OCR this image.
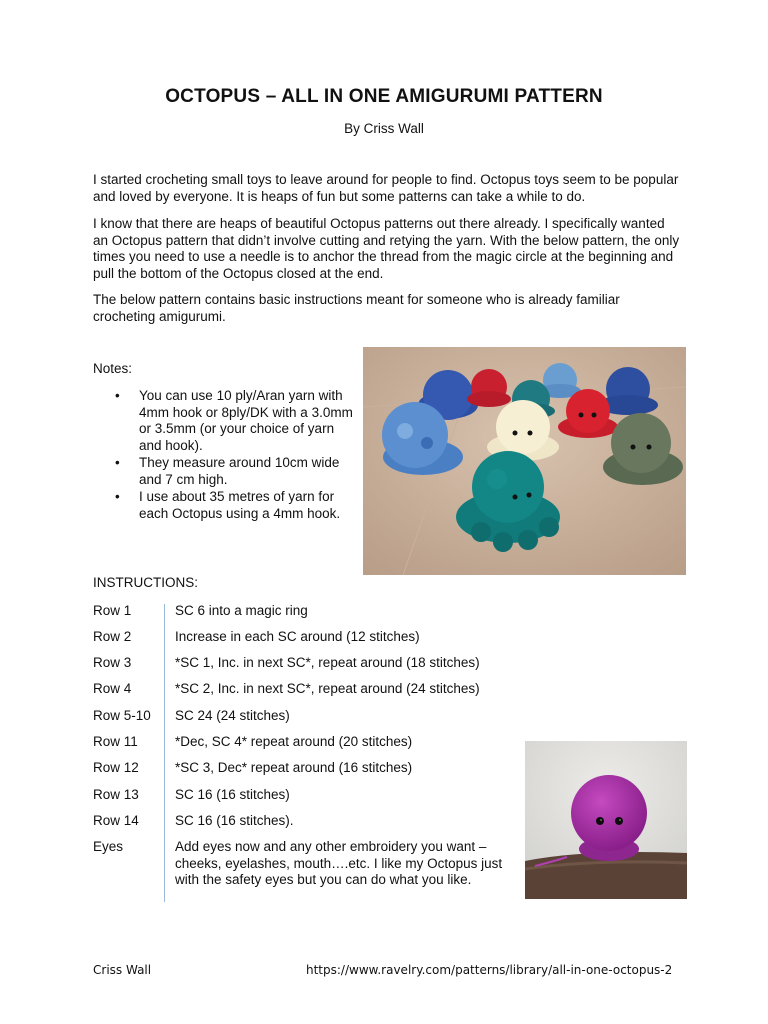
OCTOPUS – ALL IN ONE AMIGURUMI PATTERN
By Criss Wall

I started crocheting small toys to leave around for people to find. Octopus toys seem to be popular and loved by everyone. It is heaps of fun but some patterns can take a while to do.

I know that there are heaps of beautiful Octopus patterns out there already. I specifically wanted an Octopus pattern that didn’t involve cutting and retying the yarn. With the below pattern, the only times you need to use a needle is to anchor the thread from the magic circle at the beginning and pull the bottom of the Octopus closed at the end.

The below pattern contains basic instructions meant for someone who is already familiar crocheting amigurumi.

Notes:
• You can use 10 ply/Aran yarn with 4mm hook or 8ply/DK with a 3.0mm or 3.5mm (or your choice of yarn and hook).
• They measure around 10cm wide and 7 cm high.
• I use about 35 metres of yarn for each Octopus using a 4mm hook.
INSTRUCTIONS:
Row 1	SC 6 into a magic ring
Row 2	Increase in each SC around (12 stitches)
Row 3	*SC 1, Inc. in next SC*, repeat around (18 stitches)
Row 4	*SC 2, Inc. in next SC*, repeat around (24 stitches)
Row 5-10	SC 24 (24 stitches)
Row 11	*Dec, SC 4* repeat around (20 stitches)
Row 12	*SC 3, Dec* repeat around (16 stitches)
Row 13	SC 16 (16 stitches)
Row 14	SC 16 (16 stitches).
Eyes	Add eyes now and any other embroidery you want – cheeks, eyelashes, mouth….etc. I like my Octopus just with the safety eyes but you can do what you like.
Criss Wall	https://www.ravelry.com/patterns/library/all-in-one-octopus-2
